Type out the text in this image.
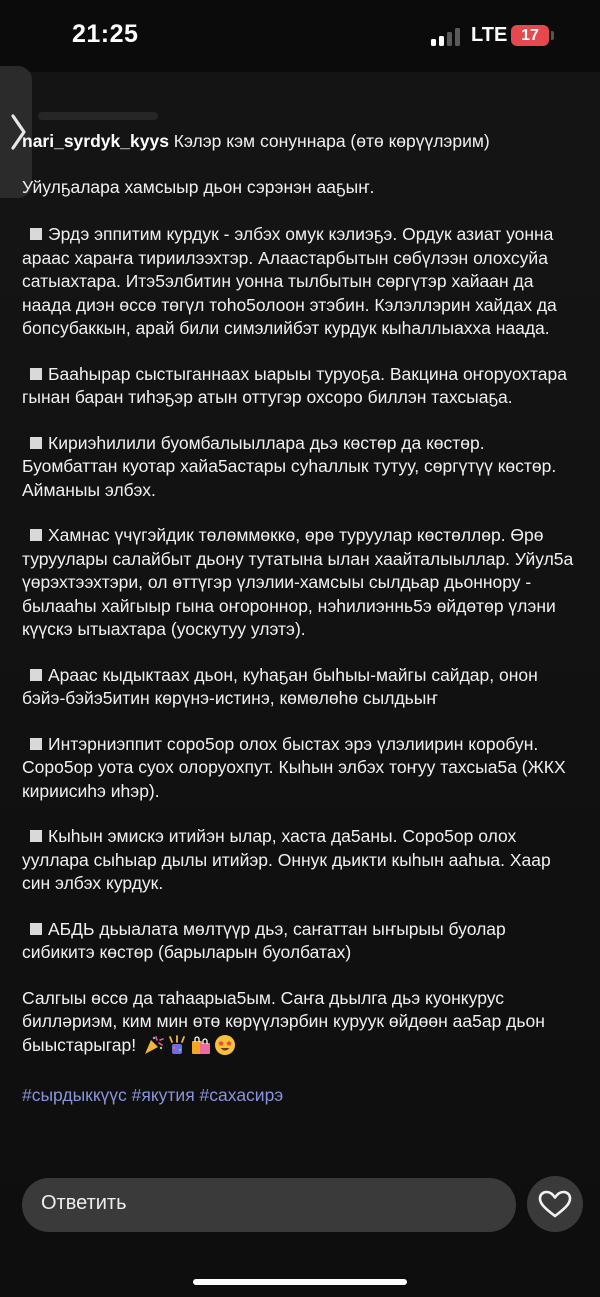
21:25	LTE 17
nari_syrdyk_kyys Кэлэр кэм сонуннара (өтө көрүүлэрим)

Уйулҕалара хамсыыр дьон сэрэнэн ааҕыҥ.

Эрдэ эппитим курдук - элбэх омук кэлиэҕэ. Ордук азиат уонна араас хараҥа тириилээхтэр. Алаастарбытын сөбүлээн олохсуйа сатыахтара. Итэ5элбитин уонна тылбытын сөргүтэр хайаан да наада диэн өссө төгүл тоhо5олоон этэбин. Кэлэллэрин хайдах да бопсубаккын, арай били симэлийбэт курдук кыhаллыахха наада.

Бааhырар сыстыганнаах ыарыы туруоҕа. Вакцина оҥоруохтара гынан баран тиhэҕэр атын оттугэр охсоро биллэн тахсыаҕа.

Кириэhилили буомбалыыллара дьэ көстөр да көстөр. Буомбаттан куотар хайа5астары суhаллык тутуу, сөргүтүү көстөр. Айманыы элбэх.

Хамнас үчүгэйдик төлөммөккө, өрө туруулар көстөллөр. Өрө туруулары салайбыт дьону тутатына ылан хаайталыыллар. Уйул5а үөрэхтээхтэри, ол өттүгэр үлэлии-хамсыы сылдьар дьоннору - былааhы хайгыыр гына оҥороннор, нэhилиэннь5э өйдөтөр үлэни күүскэ ытыахтара (уоскутуу улэтэ).

Араас кыдыктаах дьон, куhаҕан быhыы-майгы сайдар, онон бэйэ-бэйэ5итин көрүнэ-истинэ, көмөлөhө сылдьыҥ

Интэрниэппит соро5ор олох быстах эрэ үлэлиирин коробун. Соро5ор уота суох олоруохпут. Кыhын элбэх тоҥуу тахсыа5а (ЖКХ кириисиhэ иhэр).

Кыhын эмискэ итийэн ылар, хаста да5аны. Соро5ор олох ууллара сыhыар дылы итийэр. Оннук дьикти кыhын ааhыа. Хаар син элбэх курдук.

АБДЬ дьыалата мөлтүүр дьэ, саҥаттан ыҥырыы буолар сибикитэ көстөр (барыларын буолбатах)

Салгыы өссө да таhаарыа5ым. Саҥа дьылга дьэ куонкурус билләриэм, ким мин өтө көрүүлэрбин куруук өйдөөн аа5ар дьон быыстарыгар!

#сырдыккүүс #якутия #сахасирэ
Ответить
